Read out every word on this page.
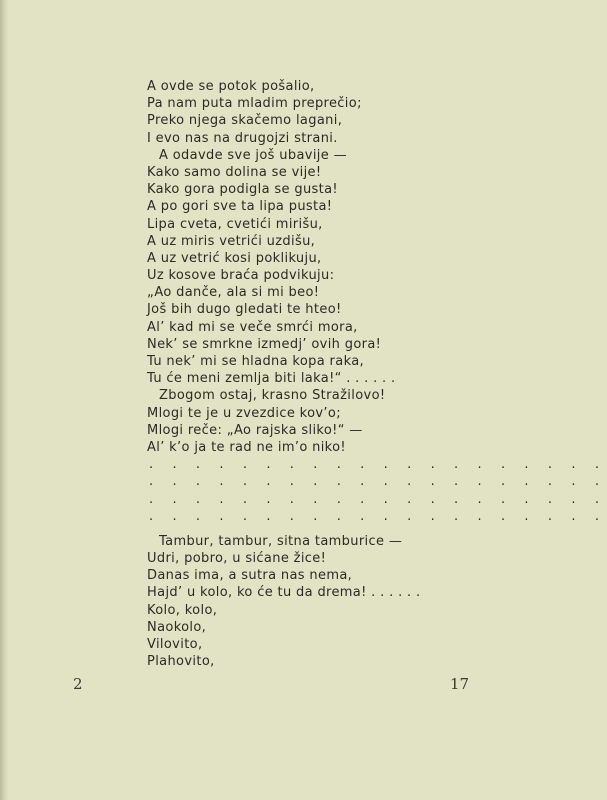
A ovde se potok pošalio,
Pa nam puta mladim preprečio;
Preko njega skačemo lagani,
I evo nas na drugojzi strani.
A odavde sve još ubavije —
Kako samo dolina se vije!
Kako gora podigla se gusta!
A po gori sve ta lipa pusta!
Lipa cveta, cvetići mirišu,
A uz miris vetrići uzdišu,
A uz vetrić kosi poklikuju,
Uz kosove braća podvikuju:
„Ao danče, ala si mi beo!
Još bih dugo gledati te hteo!
Al’ kad mi se veče smrći mora,
Nek’ se smrkne izmedj’ ovih gora!
Tu nek’ mi se hladna kopa raka,
Tu će meni zemlja biti laka!“ . . . . . .
Zbogom ostaj, krasno Stražilovo!
Mlogi te je u zvezdice kov’o;
Mlogi reče: „Ao rajska sliko!“ —
Al’ k’o ja te rad ne im’o niko!
. . . . . . . . . . . . . . . . . . . .
. . . . . . . . . . . . . . . . . . . .
. . . . . . . . . . . . . . . . . . . .
. . . . . . . . . . . . . . . . . . . .
Tambur, tambur, sitna tamburice —
Udri, pobro, u sićane žice!
Danas ima, a sutra nas nema,
Hajd’ u kolo, ko će tu da drema! . . . . . .
Kolo, kolo,
Naokolo,
Vilovito,
Plahovito,
2	17
